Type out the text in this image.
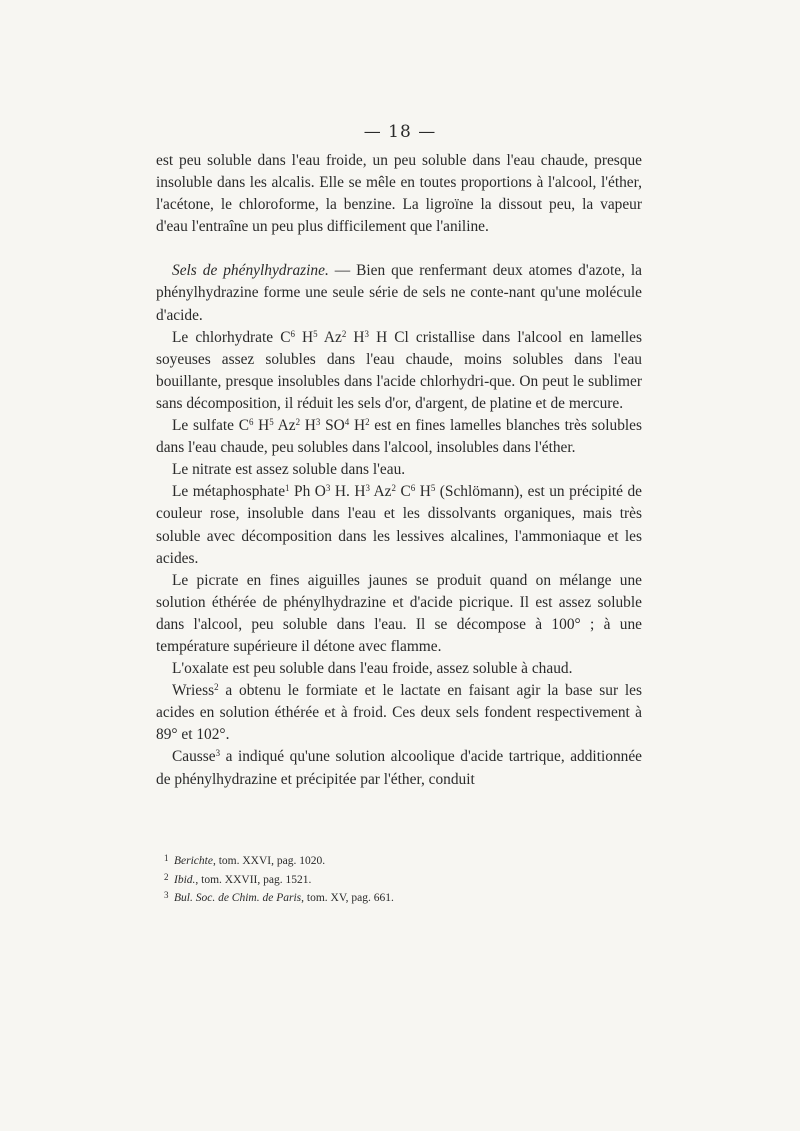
— 18 —

est peu soluble dans l'eau froide, un peu soluble dans l'eau chaude, presque insoluble dans les alcalis. Elle se mêle en toutes proportions à l'alcool, l'éther, l'acétone, le chloroforme, la benzine. La ligroïne la dissout peu, la vapeur d'eau l'entraîne un peu plus difficilement que l'aniline.

Sels de phénylhydrazine. — Bien que renfermant deux atomes d'azote, la phénylhydrazine forme une seule série de sels ne conte-nant qu'une molécule d'acide.

Le chlorhydrate $C^6$ $H^5$ Az$^2$ $H^3$ H Cl cristallise dans l'alcool en lamelles soyeuses assez solubles dans l'eau chaude, moins solubles dans l'eau bouillante, presque insolubles dans l'acide chlorhydri-que. On peut le sublimer sans décomposition, il réduit les sels d'or, d'argent, de platine et de mercure.

Le sulfate $C^6$ $H^5$ Az$^2$ $H^3$ $SO^4$ $H^2$ est en fines lamelles blanches très solubles dans l'eau chaude, peu solubles dans l'alcool, insolubles dans l'éther.

Le nitrate est assez soluble dans l'eau.

Le métaphosphate$^1$ Ph $O^3$ H. $H^3$ Az$^2$ $C^6$ $H^5$ (Schlömann), est un précipité de couleur rose, insoluble dans l'eau et les dissolvants organiques, mais très soluble avec décomposition dans les lessives alcalines, l'ammoniaque et les acides.

Le picrate en fines aiguilles jaunes se produit quand on mélange une solution éthérée de phénylhydrazine et d'acide picrique. Il est assez soluble dans l'alcool, peu soluble dans l'eau. Il se décompose à 100° ; à une température supérieure il détone avec flamme.

L'oxalate est peu soluble dans l'eau froide, assez soluble à chaud.

Wriess$^2$ a obtenu le formiate et le lactate en faisant agir la base sur les acides en solution éthérée et à froid. Ces deux sels fondent respectivement à 89° et 102°.

Causse$^3$ a indiqué qu'une solution alcoolique d'acide tartrique, additionnée de phénylhydrazine et précipitée par l'éther, conduit

1 Berichte, tom. XXVI, pag. 1020.

2 Ibid., tom. XXVII, pag. 1521.

3 Bul. Soc. de Chim. de Paris, tom. XV, pag. 661.
